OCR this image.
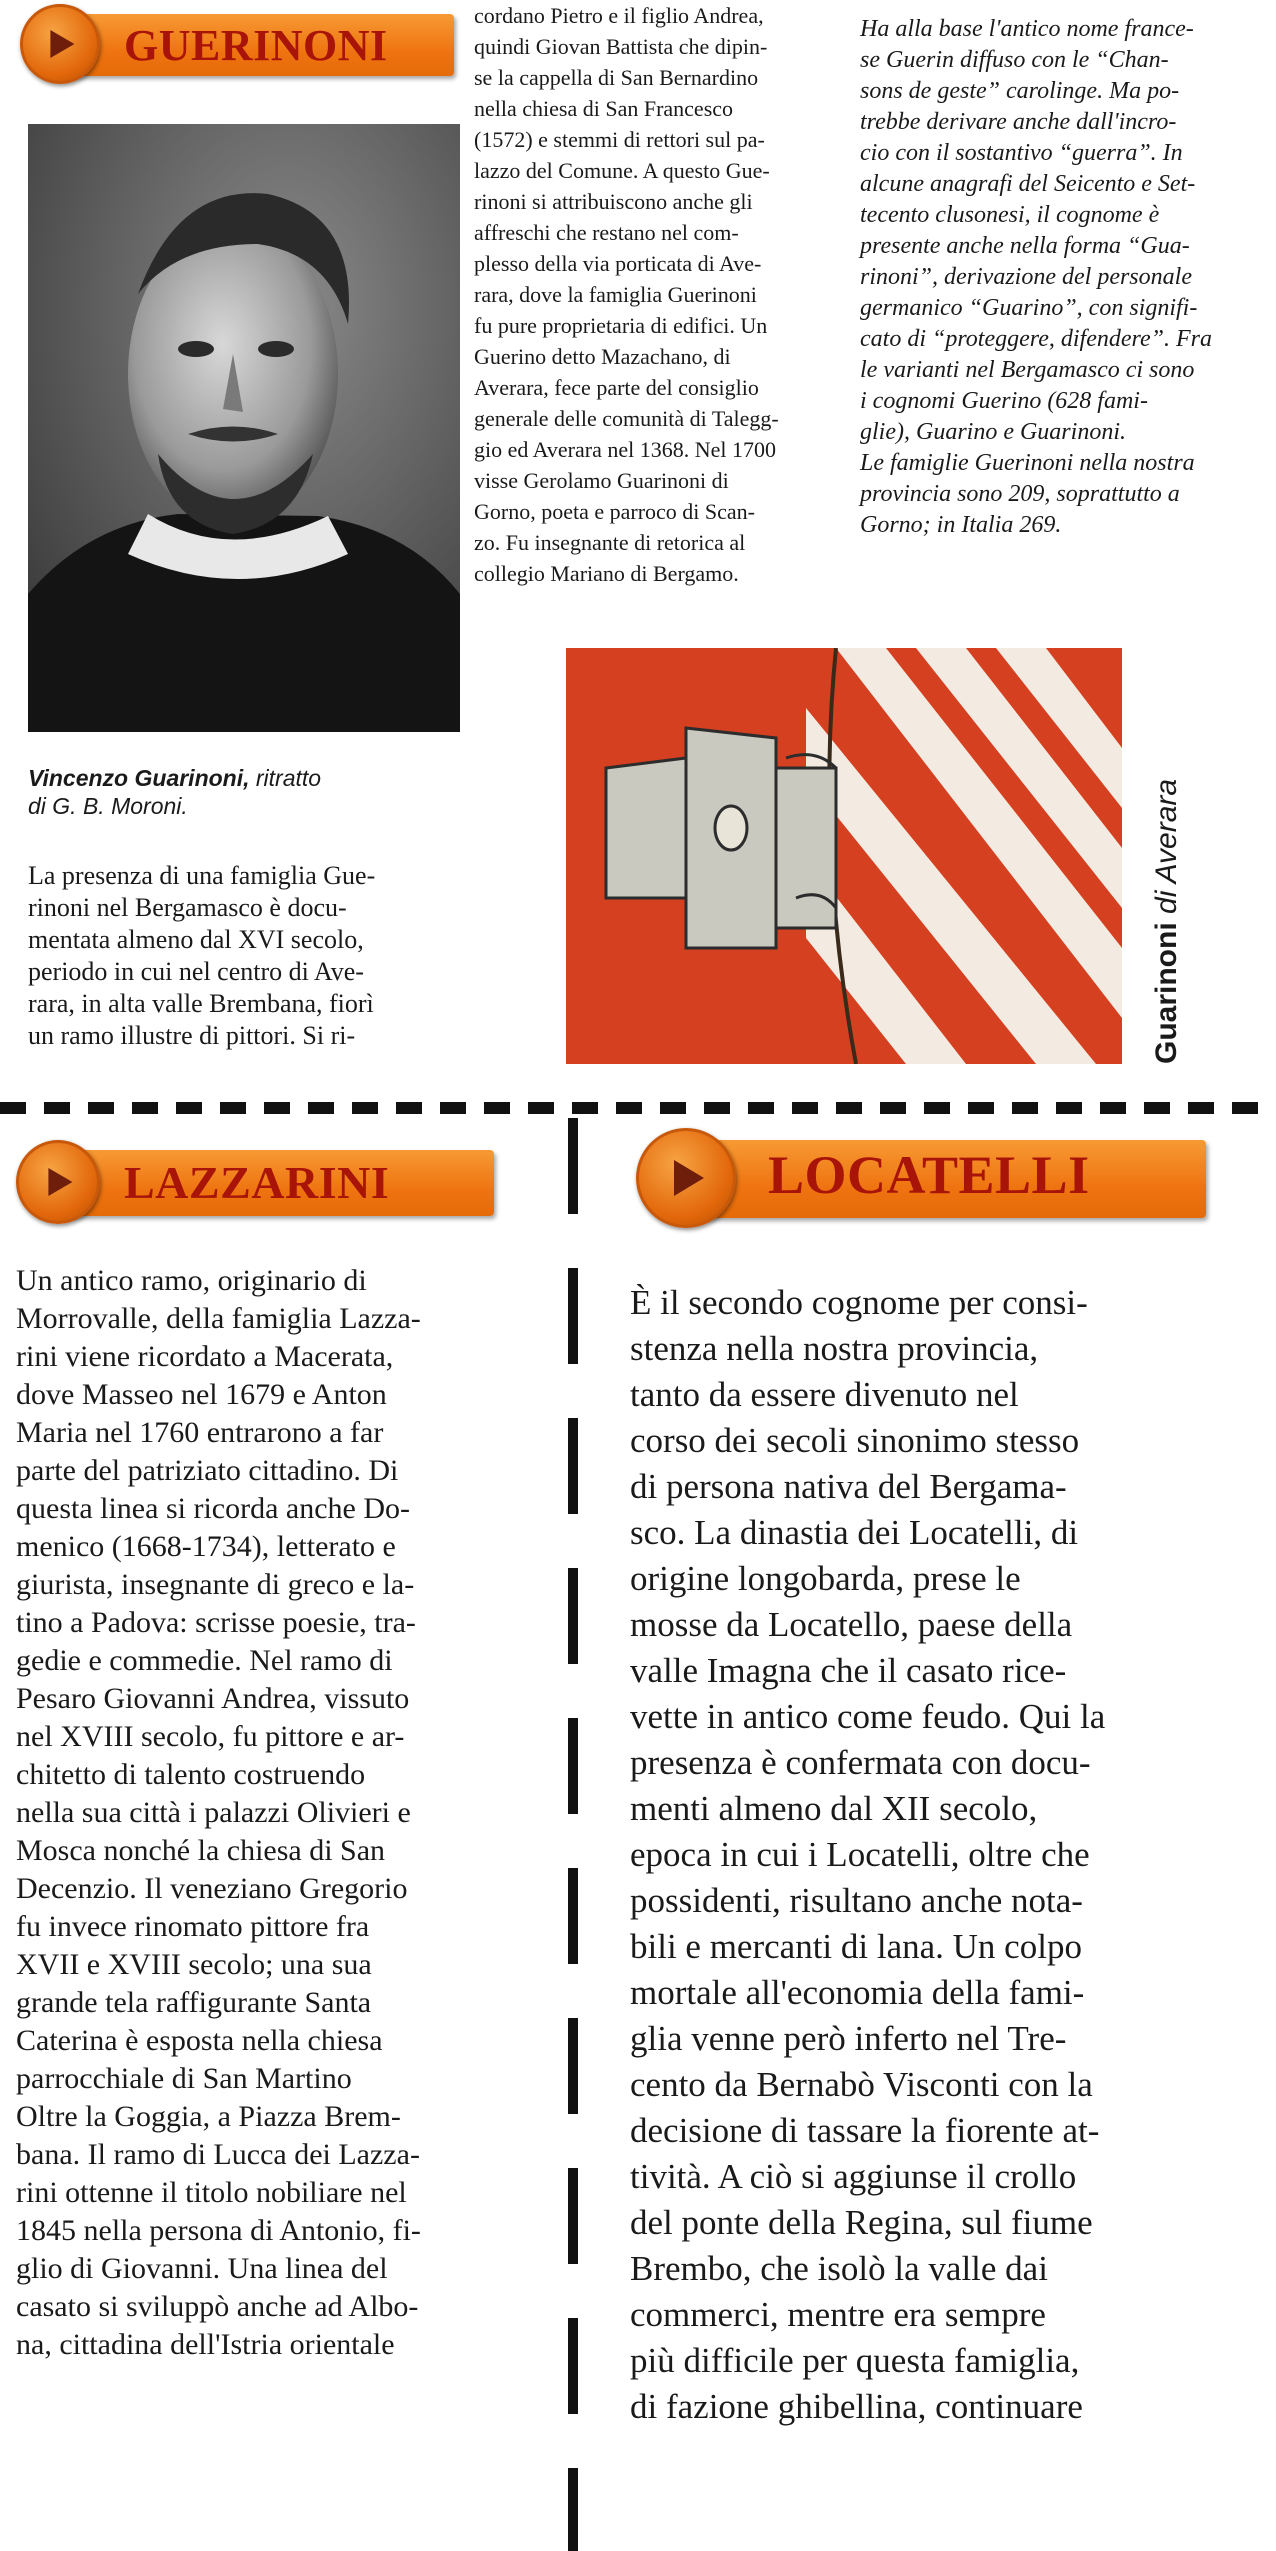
GUERINONI
Vincenzo Guarinoni, ritratto
di G. B. Moroni.
La presenza di una famiglia Gue-
rinoni nel Bergamasco è docu-
mentata almeno dal XVI secolo,
periodo in cui nel centro di Ave-
rara, in alta valle Brembana, fiorì
un ramo illustre di pittori. Si ri-
cordano Pietro e il figlio Andrea,
quindi Giovan Battista che dipin-
se la cappella di San Bernardino
nella chiesa di San Francesco
(1572) e stemmi di rettori sul pa-
lazzo del Comune. A questo Gue-
rinoni si attribuiscono anche gli
affreschi che restano nel com-
plesso della via porticata di Ave-
rara, dove la famiglia Guerinoni
fu pure proprietaria di edifici. Un
Guerino detto Mazachano, di
Averara, fece parte del consiglio
generale delle comunità di Talegg-
gio ed Averara nel 1368. Nel 1700
visse Gerolamo Guarinoni di
Gorno, poeta e parroco di Scan-
zo. Fu insegnante di retorica al
collegio Mariano di Bergamo.
Ha alla base l'antico nome france-
se Guerin diffuso con le “Chan-
sons de geste” carolinge. Ma po-
trebbe derivare anche dall'incro-
cio con il sostantivo “guerra”. In
alcune anagrafi del Seicento e Set-
tecento clusonesi, il cognome è
presente anche nella forma “Gua-
rinoni”, derivazione del personale
germanico “Guarino”, con signifi-
cato di “proteggere, difendere”. Fra
le varianti nel Bergamasco ci sono
i cognomi Guerino (628 fami-
glie), Guarino e Guarinoni.
Le famiglie Guerinoni nella nostra
provincia sono 209, soprattutto a
Gorno; in Italia 269.
Guarinoni di Averara
LAZZARINI
Un antico ramo, originario di
Morrovalle, della famiglia Lazza-
rini viene ricordato a Macerata,
dove Masseo nel 1679 e Anton
Maria nel 1760 entrarono a far
parte del patriziato cittadino. Di
questa linea si ricorda anche Do-
menico (1668-1734), letterato e
giurista, insegnante di greco e la-
tino a Padova: scrisse poesie, tra-
gedie e commedie. Nel ramo di
Pesaro Giovanni Andrea, vissuto
nel XVIII secolo, fu pittore e ar-
chitetto di talento costruendo
nella sua città i palazzi Olivieri e
Mosca nonché la chiesa di San
Decenzio. Il veneziano Gregorio
fu invece rinomato pittore fra
XVII e XVIII secolo; una sua
grande tela raffigurante Santa
Caterina è esposta nella chiesa
parrocchiale di San Martino
Oltre la Goggia, a Piazza Brem-
bana. Il ramo di Lucca dei Lazza-
rini ottenne il titolo nobiliare nel
1845 nella persona di Antonio, fi-
glio di Giovanni. Una linea del
casato si sviluppò anche ad Albo-
na, cittadina dell'Istria orientale
LOCATELLI
È il secondo cognome per consi-
stenza nella nostra provincia,
tanto da essere divenuto nel
corso dei secoli sinonimo stesso
di persona nativa del Bergama-
sco. La dinastia dei Locatelli, di
origine longobarda, prese le
mosse da Locatello, paese della
valle Imagna che il casato rice-
vette in antico come feudo. Qui la
presenza è confermata con docu-
menti almeno dal XII secolo,
epoca in cui i Locatelli, oltre che
possidenti, risultano anche nota-
bili e mercanti di lana. Un colpo
mortale all'economia della fami-
glia venne però inferto nel Tre-
cento da Bernabò Visconti con la
decisione di tassare la fiorente at-
tività. A ciò si aggiunse il crollo
del ponte della Regina, sul fiume
Brembo, che isolò la valle dai
commerci, mentre era sempre
più difficile per questa famiglia,
di fazione ghibellina, continuare
